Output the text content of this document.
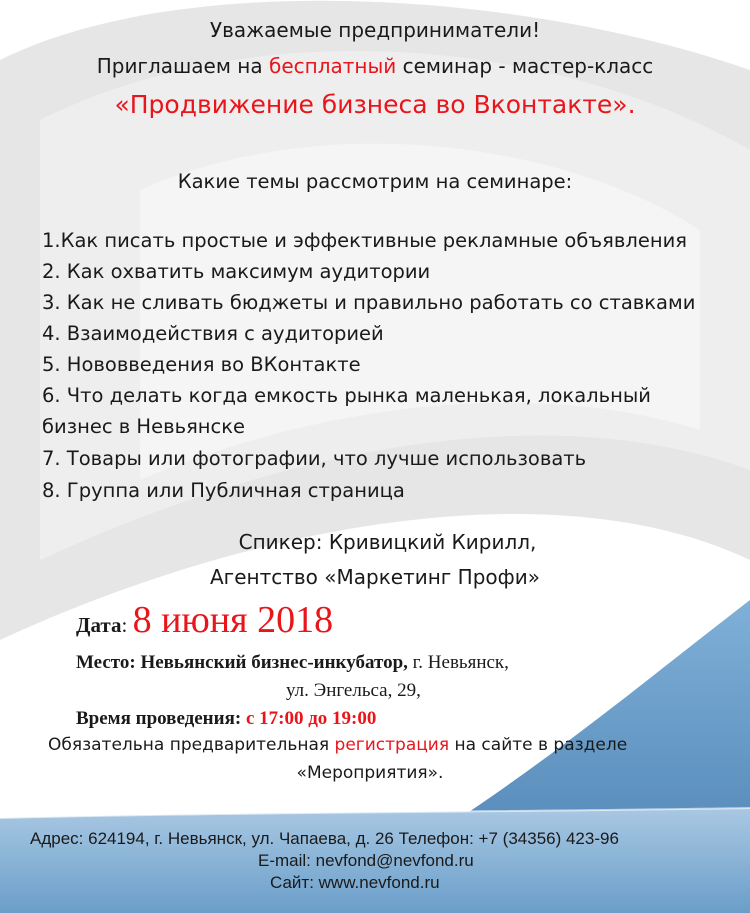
Уважаемые предприниматели!
Приглашаем на бесплатный семинар - мастер-класс
«Продвижение бизнеса во Вконтакте».
Какие темы рассмотрим на семинаре:
1.Как писать простые и эффективные рекламные объявления
2. Как охватить максимум аудитории
3. Как не сливать бюджеты и правильно работать со ставками
4. Взаимодействия с аудиторией
5. Нововведения во ВКонтакте
6. Что делать когда емкость рынка маленькая, локальный
бизнес в Невьянске
7. Товары или фотографии, что лучше использовать
8. Группа или Публичная страница
Спикер: Кривицкий Кирилл,
Агентство «Маркетинг Профи»
Дата: 8 июня 2018
Место: Невьянский бизнес-инкубатор, г. Невьянск,
ул. Энгельса, 29,
Время проведения: с 17:00 до 19:00
Обязательна предварительная регистрация на сайте в разделе
«Мероприятия».
Адрес: 624194, г. Невьянск, ул. Чапаева, д. 26 Телефон: +7 (34356) 423-96
E-mail: nevfond@nevfond.ru
Сайт: www.nevfond.ru
